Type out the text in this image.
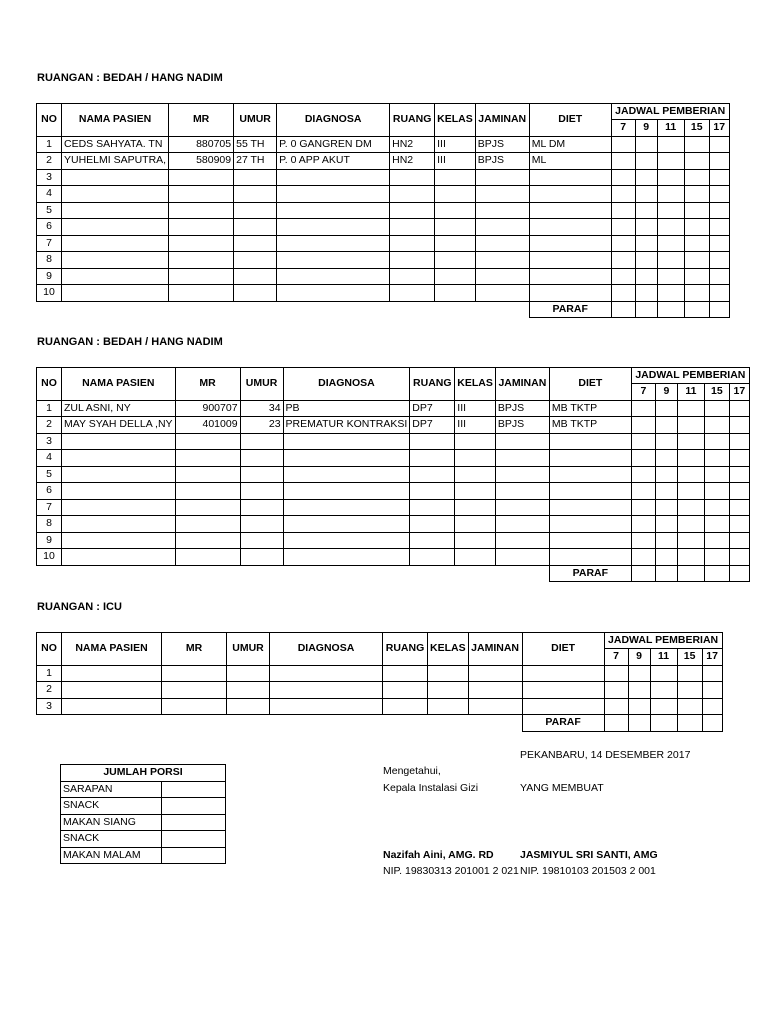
RUANGAN : BEDAH / HANG NADIM
NO	NAMA PASIEN	MR	UMUR	DIAGNOSA	RUANG	KELAS	JAMINAN	DIET	JADWAL PEMBERIAN				
									7	9	11	15	17
1	CEDS SAHYATA. TN	880705	55 TH	P. 0 GANGREN DM	HN2	III	BPJS	ML DM					
2	YUHELMI SAPUTRA,	580909	27 TH	P. 0 APP AKUT	HN2	III	BPJS	ML					
3													
4													
5													
6													
7													
8													
9													
10													
								PARAF					
RUANGAN : BEDAH / HANG NADIM
NO	NAMA PASIEN	MR	UMUR	DIAGNOSA	RUANG	KELAS	JAMINAN	DIET	JADWAL PEMBERIAN				
									7	9	11	15	17
1	ZUL ASNI, NY	900707	34	PB	DP7	III	BPJS	MB TKTP					
2	MAY SYAH DELLA ,NY	401009	23	PREMATUR KONTRAKSI	DP7	III	BPJS	MB TKTP					
3													
4													
5													
6													
7													
8													
9													
10													
								PARAF					
RUANGAN : ICU
NO	NAMA PASIEN	MR	UMUR	DIAGNOSA	RUANG	KELAS	JAMINAN	DIET	JADWAL PEMBERIAN				
									7	9	11	15	17
1													
2													
3													
								PARAF					
JUMLAH PORSI	
SARAPAN	
SNACK	
MAKAN SIANG	
SNACK	
MAKAN MALAM	
PEKANBARU, 14 DESEMBER 2017
Mengetahui,
Kepala Instalasi Gizi	YANG MEMBUAT
Nazifah Aini, AMG. RD	JASMIYUL SRI SANTI, AMG
NIP. 19830313 201001 2 021 NIP. 19810103 201503 2 001
